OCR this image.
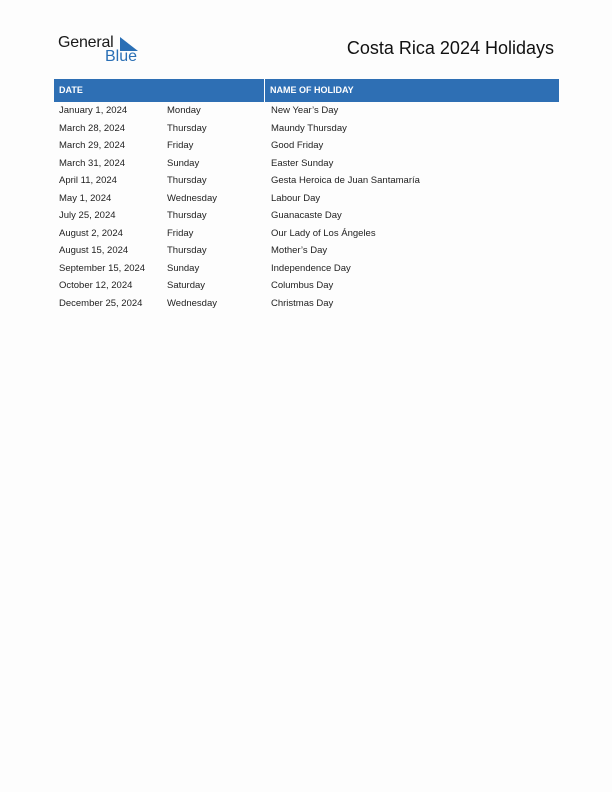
General
Blue	Costa Rica 2024 Holidays
DATE	NAME OF HOLIDAY
January 1, 2024	Monday	New Year’s Day
March 28, 2024	Thursday	Maundy Thursday
March 29, 2024	Friday	Good Friday
March 31, 2024	Sunday	Easter Sunday
April 11, 2024	Thursday	Gesta Heroica de Juan Santamaría
May 1, 2024	Wednesday	Labour Day
July 25, 2024	Thursday	Guanacaste Day
August 2, 2024	Friday	Our Lady of Los Ángeles
August 15, 2024	Thursday	Mother’s Day
September 15, 2024	Sunday	Independence Day
October 12, 2024	Saturday	Columbus Day
December 25, 2024	Wednesday	Christmas Day
